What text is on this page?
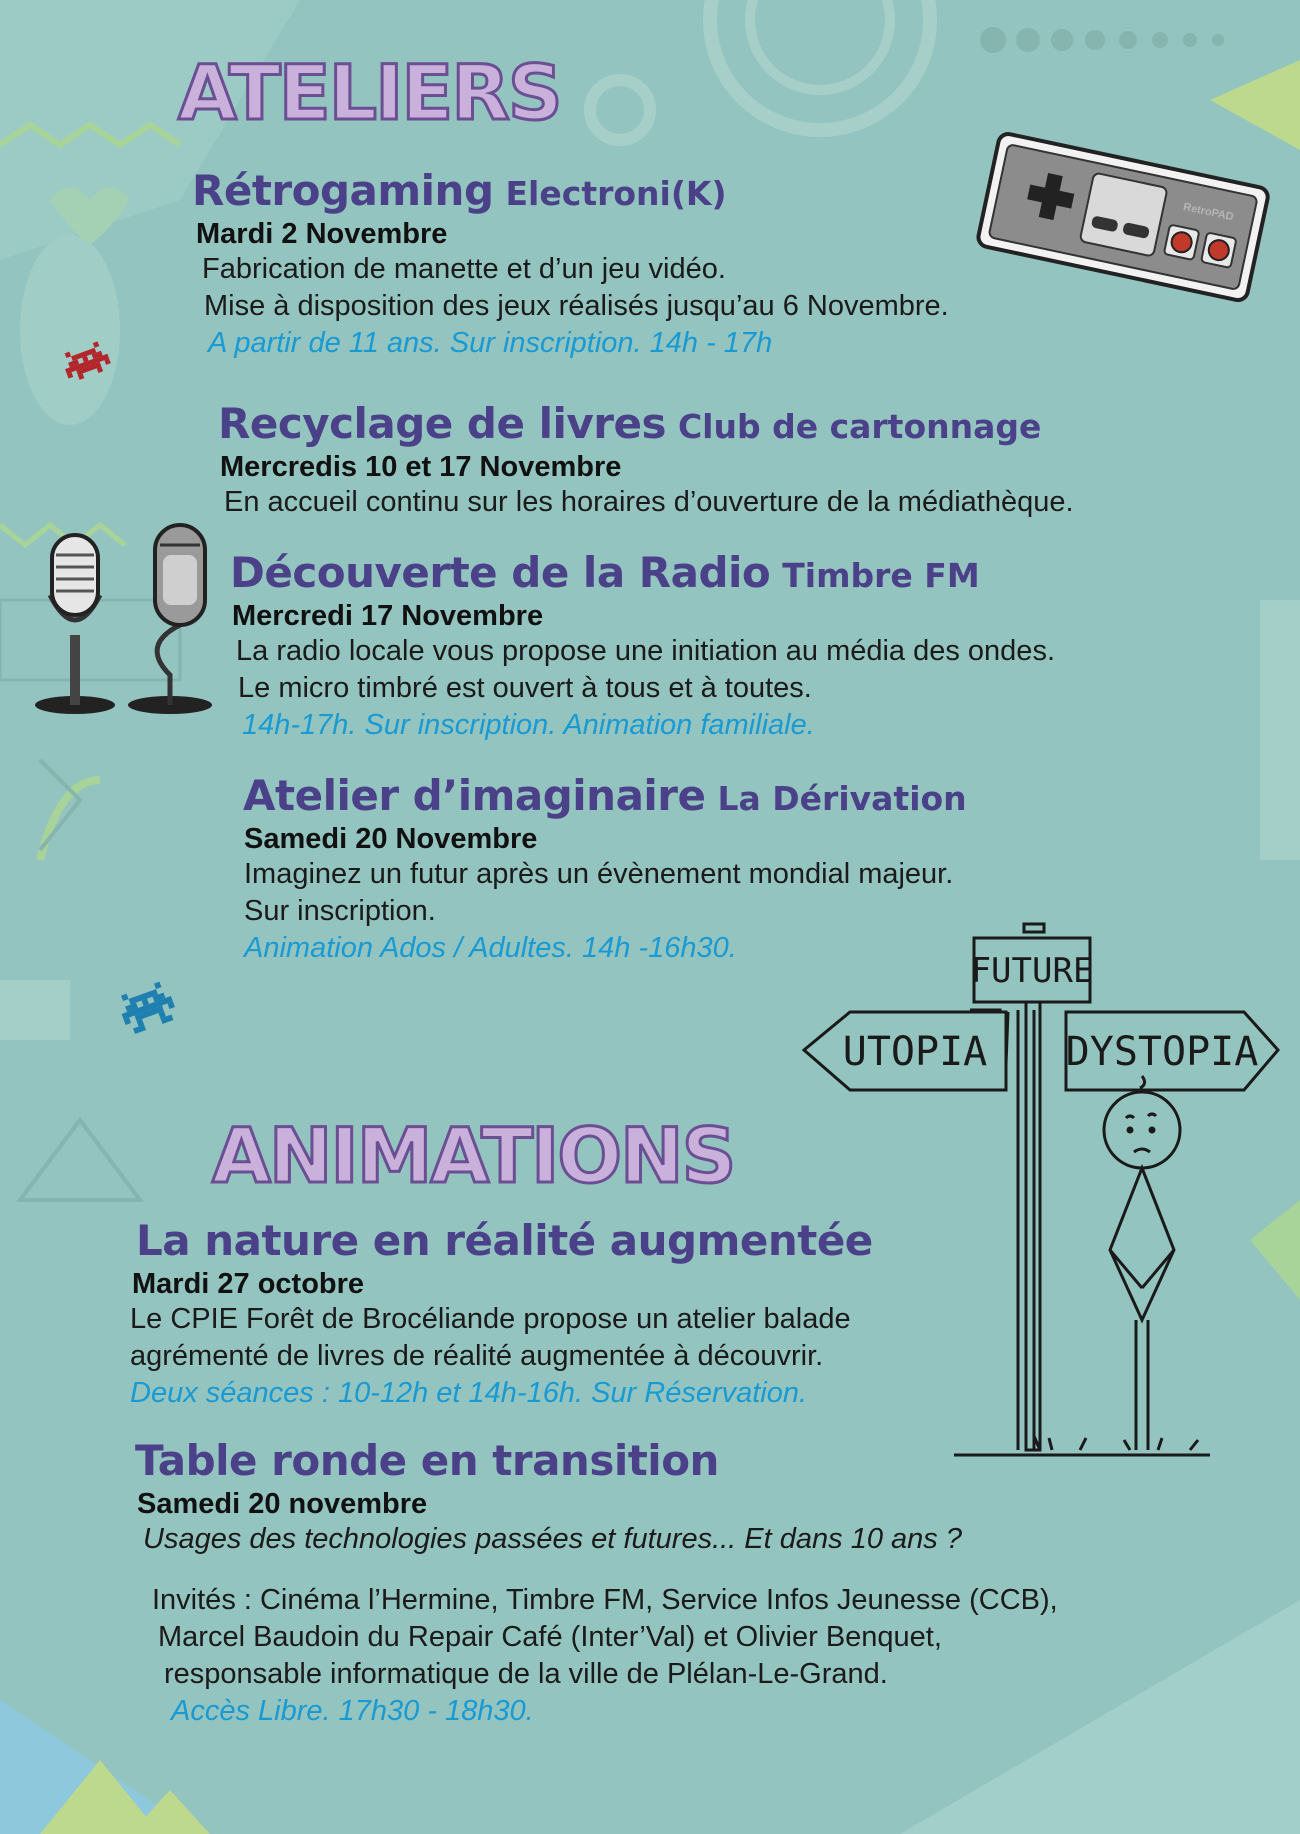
ATELIERS
Rétrogaming Electroni(K)
Mardi 2 Novembre
Fabrication de manette et d’un jeu vidéo.
Mise à disposition des jeux réalisés jusqu’au 6 Novembre.
A partir de 11 ans. Sur inscription. 14h - 17h
Recyclage de livres Club de cartonnage
Mercredis 10 et 17 Novembre
En accueil continu sur les horaires d’ouverture de la médiathèque.
Découverte de la Radio Timbre FM
Mercredi 17 Novembre
La radio locale vous propose une initiation au média des ondes.
Le micro timbré est ouvert à tous et à toutes.
14h-17h. Sur inscription. Animation familiale.
Atelier d’imaginaire La Dérivation
Samedi 20 Novembre
Imaginez un futur après un évènement mondial majeur.
Sur inscription.
Animation Ados / Adultes. 14h -16h30.
ANIMATIONS
La nature en réalité augmentée
Mardi 27 octobre
Le CPIE Forêt de Brocéliande propose un atelier balade
agrémenté de livres de réalité augmentée à découvrir.
Deux séances : 10-12h et 14h-16h. Sur Réservation.
Table ronde en transition
Samedi 20 novembre
Usages des technologies passées et futures... Et dans 10 ans ?
Invités : Cinéma l’Hermine, Timbre FM, Service Infos Jeunesse (CCB),
Marcel Baudoin du Repair Café (Inter’Val) et Olivier Benquet,
responsable informatique de la ville de Plélan-Le-Grand.
Accès Libre. 17h30 - 18h30.
RetroPAD
FUTURE
UTOPIA DYSTOPIA
